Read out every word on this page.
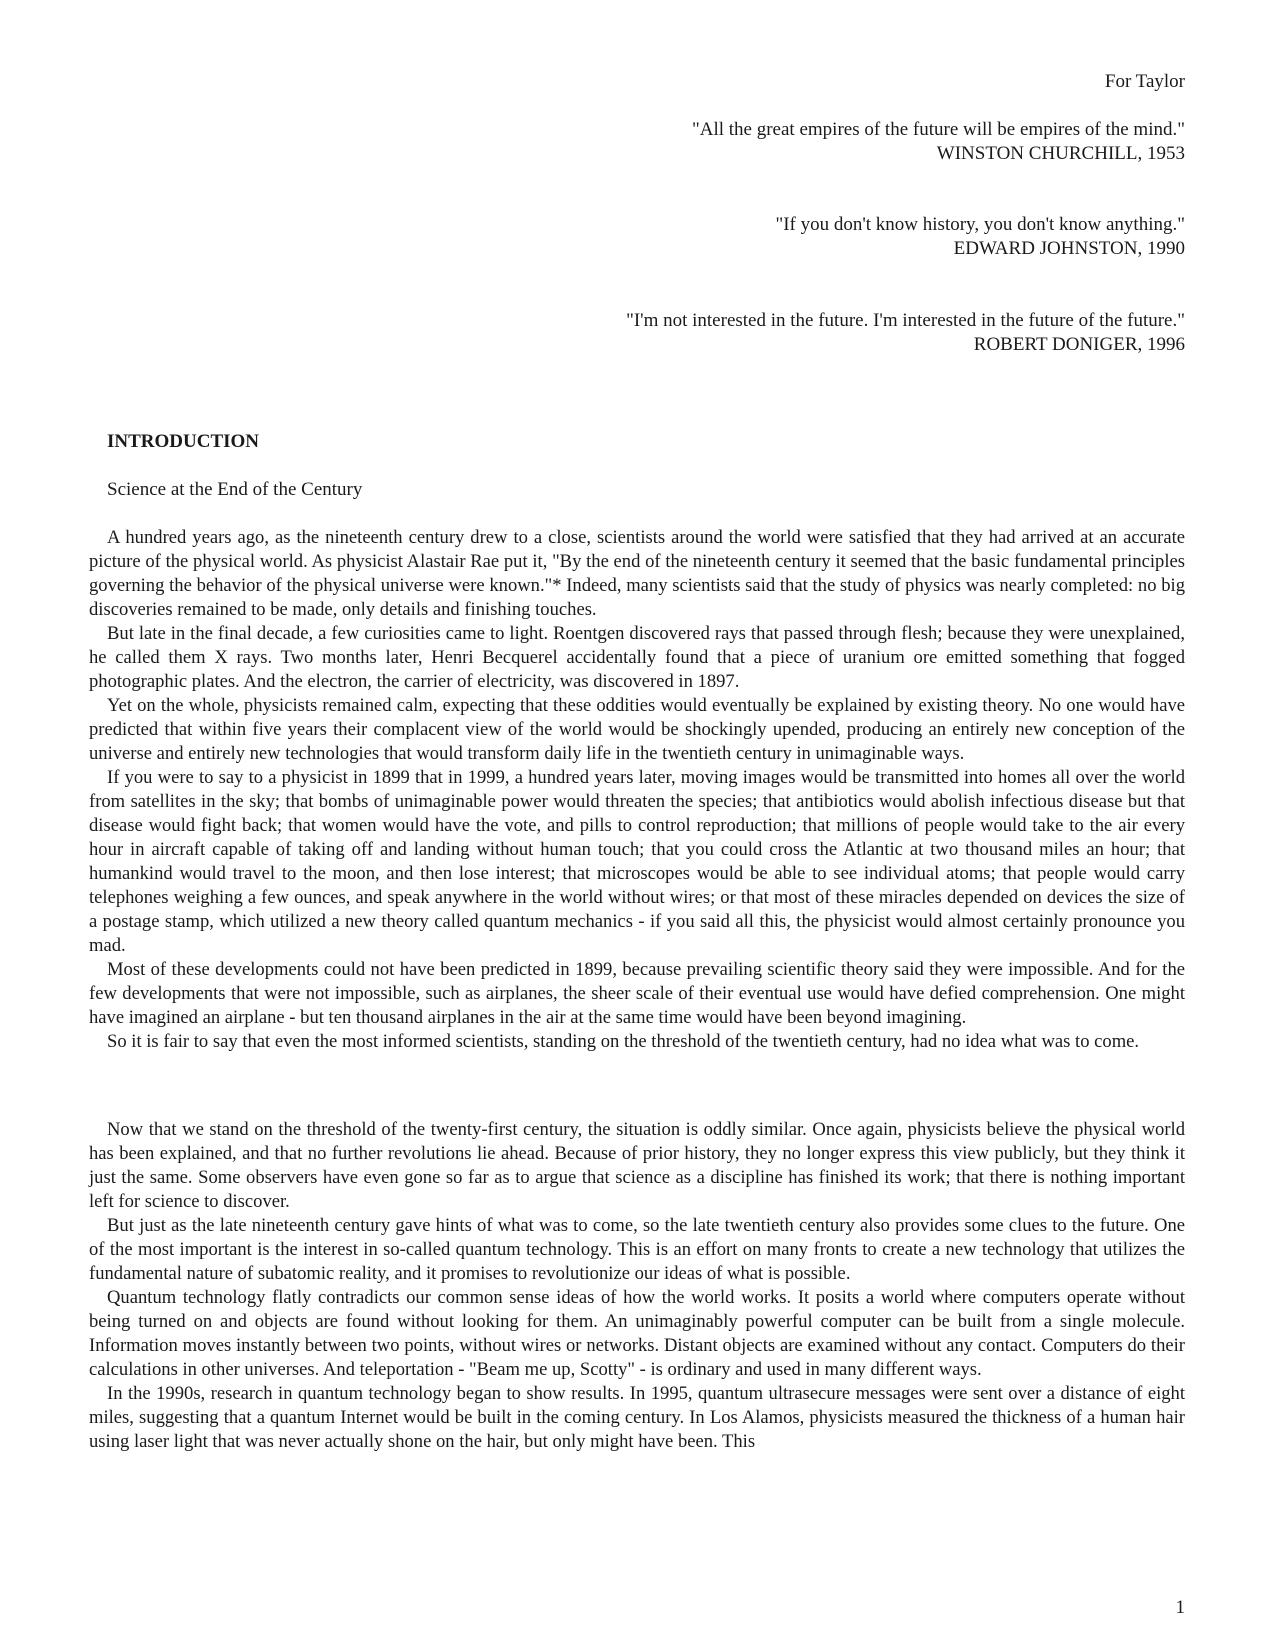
For Taylor

"All the great empires of the future will be empires of the mind."

WINSTON CHURCHILL, 1953

"If you don't know history, you don't know anything."

EDWARD JOHNSTON, 1990

"I'm not interested in the future. I'm interested in the future of the future."

ROBERT DONIGER, 1996

INTRODUCTION
Science at the End of the Century

A hundred years ago, as the nineteenth century drew to a close, scientists around the world were satisfied that they had arrived at an accurate picture of the physical world. As physicist Alastair Rae put it, "By the end of the nineteenth century it seemed that the basic fundamental principles governing the behavior of the physical universe were known."* Indeed, many scientists said that the study of physics was nearly completed: no big discoveries remained to be made, only details and finishing touches.

But late in the final decade, a few curiosities came to light. Roentgen discovered rays that passed through flesh; because they were unexplained, he called them X rays. Two months later, Henri Becquerel accidentally found that a piece of uranium ore emitted something that fogged photographic plates. And the electron, the carrier of electricity, was discovered in 1897.

Yet on the whole, physicists remained calm, expecting that these oddities would eventually be explained by existing theory. No one would have predicted that within five years their complacent view of the world would be shockingly upended, producing an entirely new conception of the universe and entirely new technologies that would transform daily life in the twentieth century in unimaginable ways.

If you were to say to a physicist in 1899 that in 1999, a hundred years later, moving images would be transmitted into homes all over the world from satellites in the sky; that bombs of unimaginable power would threaten the species; that antibiotics would abolish infectious disease but that disease would fight back; that women would have the vote, and pills to control reproduction; that millions of people would take to the air every hour in aircraft capable of taking off and landing without human touch; that you could cross the Atlantic at two thousand miles an hour; that humankind would travel to the moon, and then lose interest; that microscopes would be able to see individual atoms; that people would carry telephones weighing a few ounces, and speak anywhere in the world without wires; or that most of these miracles depended on devices the size of a postage stamp, which utilized a new theory called quantum mechanics - if you said all this, the physicist would almost certainly pronounce you mad.

Most of these developments could not have been predicted in 1899, because prevailing scientific theory said they were impossible. And for the few developments that were not impossible, such as airplanes, the sheer scale of their eventual use would have defied comprehension. One might have imagined an airplane - but ten thousand airplanes in the air at the same time would have been beyond imagining.

So it is fair to say that even the most informed scientists, standing on the threshold of the twentieth century, had no idea what was to come.

Now that we stand on the threshold of the twenty-first century, the situation is oddly similar. Once again, physicists believe the physical world has been explained, and that no further revolutions lie ahead. Because of prior history, they no longer express this view publicly, but they think it just the same. Some observers have even gone so far as to argue that science as a discipline has finished its work; that there is nothing important left for science to discover.

But just as the late nineteenth century gave hints of what was to come, so the late twentieth century also provides some clues to the future. One of the most important is the interest in so-called quantum technology. This is an effort on many fronts to create a new technology that utilizes the fundamental nature of subatomic reality, and it promises to revolutionize our ideas of what is possible.

Quantum technology flatly contradicts our common sense ideas of how the world works. It posits a world where computers operate without being turned on and objects are found without looking for them. An unimaginably powerful computer can be built from a single molecule. Information moves instantly between two points, without wires or networks. Distant objects are examined without any contact. Computers do their calculations in other universes. And teleportation - "Beam me up, Scotty" - is ordinary and used in many different ways.

In the 1990s, research in quantum technology began to show results. In 1995, quantum ultrasecure messages were sent over a distance of eight miles, suggesting that a quantum Internet would be built in the coming century. In Los Alamos, physicists measured the thickness of a human hair using laser light that was never actually shone on the hair, but only might have been. This

1
